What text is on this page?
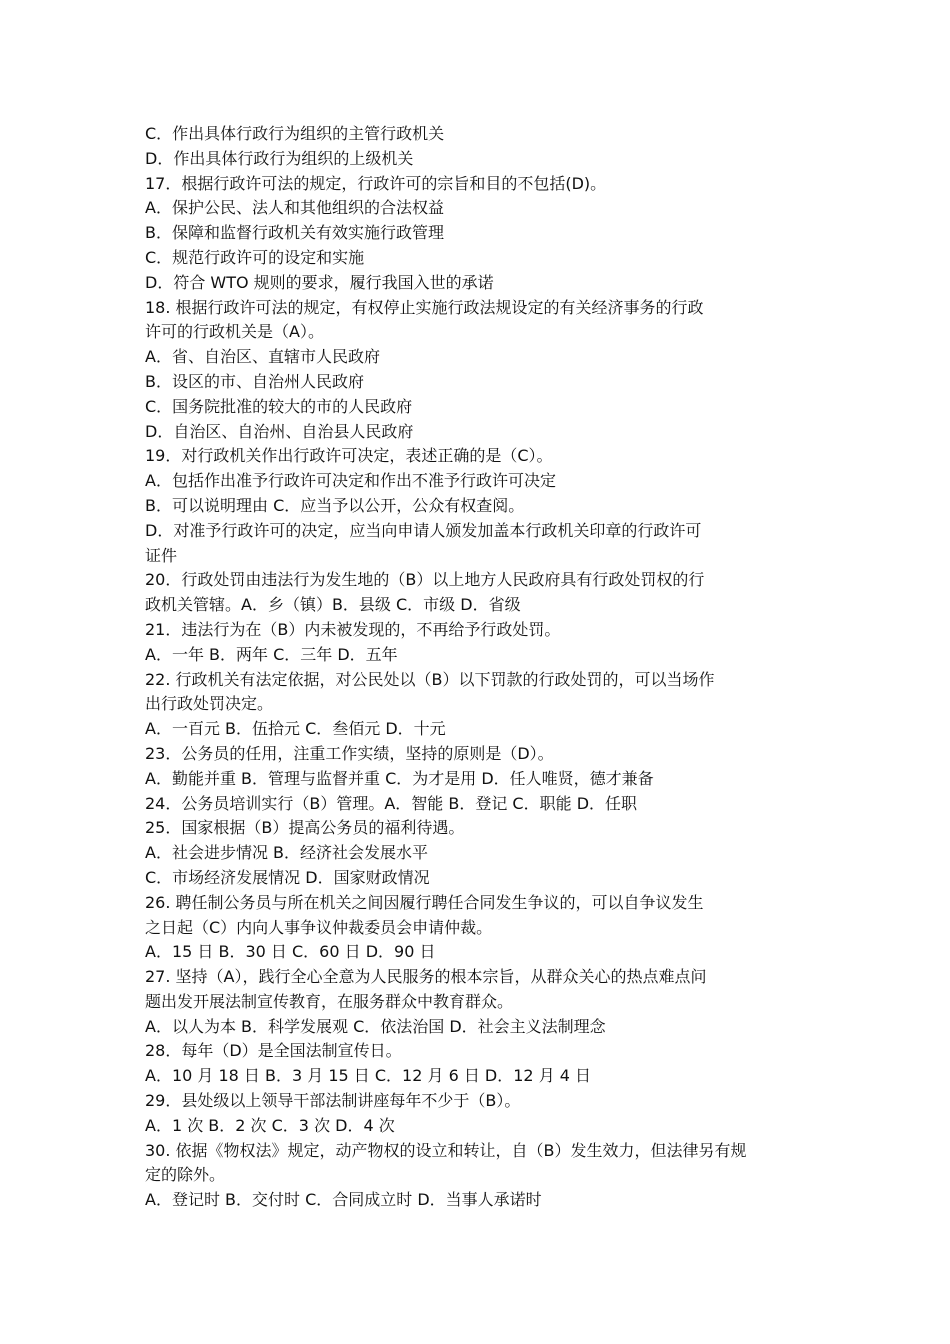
C．作出具体行政行为组织的主管行政机关
D．作出具体行政行为组织的上级机关
17．根据行政许可法的规定，行政许可的宗旨和目的不包括(D)。
A．保护公民、法人和其他组织的合法权益
B．保障和监督行政机关有效实施行政管理
C．规范行政许可的设定和实施
D．符合 WTO 规则的要求，履行我国入世的承诺
18. 根据行政许可法的规定，有权停止实施行政法规设定的有关经济事务的行政
许可的行政机关是（A）。
A．省、自治区、直辖市人民政府
B．设区的市、自治州人民政府
C．国务院批准的较大的市的人民政府
D．自治区、自治州、自治县人民政府
19．对行政机关作出行政许可决定，表述正确的是（C）。
A．包括作出准予行政许可决定和作出不准予行政许可决定
B．可以说明理由 C．应当予以公开，公众有权查阅。
D．对准予行政许可的决定，应当向申请人颁发加盖本行政机关印章的行政许可
证件
20．行政处罚由违法行为发生地的（B）以上地方人民政府具有行政处罚权的行
政机关管辖。A．乡（镇）B．县级 C．市级 D．省级
21．违法行为在（B）内未被发现的，不再给予行政处罚。
A．一年 B．两年 C．三年 D．五年
22. 行政机关有法定依据，对公民处以（B）以下罚款的行政处罚的，可以当场作
出行政处罚决定。
A．一百元 B．伍拾元 C．叁佰元 D．十元
23．公务员的任用，注重工作实绩，坚持的原则是（D）。
A．勤能并重 B．管理与监督并重 C．为才是用 D．任人唯贤，德才兼备
24．公务员培训实行（B）管理。A．智能 B．登记 C．职能 D．任职
25．国家根据（B）提高公务员的福利待遇。
A．社会进步情况 B．经济社会发展水平
C．市场经济发展情况 D．国家财政情况
26. 聘任制公务员与所在机关之间因履行聘任合同发生争议的，可以自争议发生
之日起（C）内向人事争议仲裁委员会申请仲裁。
A．15 日 B．30 日 C．60 日 D．90 日
27. 坚持（A），践行全心全意为人民服务的根本宗旨，从群众关心的热点难点问
题出发开展法制宣传教育，在服务群众中教育群众。
A．以人为本 B．科学发展观 C．依法治国 D．社会主义法制理念
28．每年（D）是全国法制宣传日。
A．10 月 18 日 B．3 月 15 日 C．12 月 6 日 D．12 月 4 日
29．县处级以上领导干部法制讲座每年不少于（B）。
A．1 次 B．2 次 C．3 次 D．4 次
30. 依据《物权法》规定，动产物权的设立和转让，自（B）发生效力，但法律另有规
定的除外。
A．登记时 B．交付时 C．合同成立时 D．当事人承诺时
